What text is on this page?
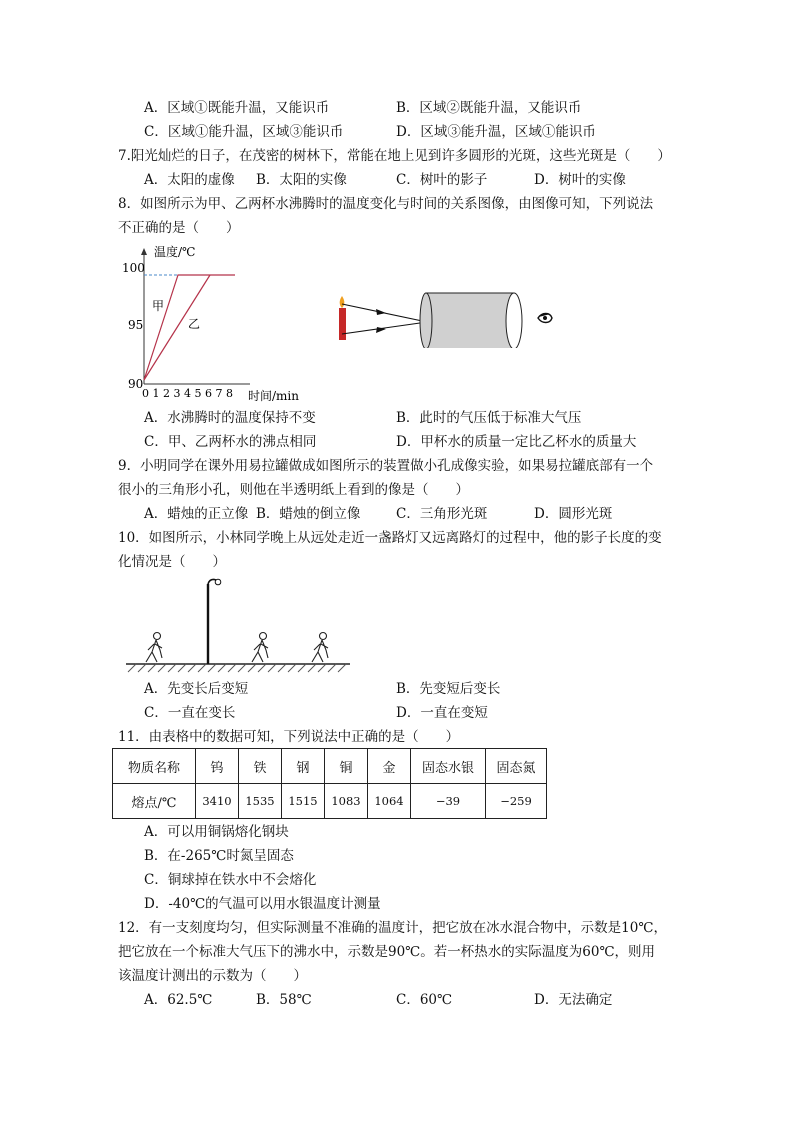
A．区域①既能升温，又能识币	B．区域②既能升温，又能识币
C．区域①能升温，区域③能识币	D．区域③能升温，区域①能识币
7.阳光灿烂的日子，在茂密的树林下，常能在地上见到许多圆形的光斑，这些光斑是（　　）
A．太阳的虚像 B．太阳的实像	C．树叶的影子	D．树叶的实像
8．如图所示为甲、乙两杯水沸腾时的温度变化与时间的关系图像，由图像可知，下列说法
不正确的是（　　）
温度/℃
100
95
90
甲
乙
0 1 2 3 4 5 6 7 8 时间/min
A．水沸腾时的温度保持不变	B．此时的气压低于标准大气压
C．甲、乙两杯水的沸点相同	D．甲杯水的质量一定比乙杯水的质量大
9．小明同学在课外用易拉罐做成如图所示的装置做小孔成像实验，如果易拉罐底部有一个
很小的三角形小孔，则他在半透明纸上看到的像是（　　）
A．蜡烛的正立像 B．蜡烛的倒立像	C．三角形光斑	D．圆形光斑
10．如图所示，小林同学晚上从远处走近一盏路灯又远离路灯的过程中，他的影子长度的变
化情况是（　　）
A．先变长后变短	B．先变短后变长
C．一直在变长	D．一直在变短
11．由表格中的数据可知，下列说法中正确的是（　　）
物质名称	钨	铁	钢	铜	金	固态水银	固态氮
熔点/℃	3410	1535	1515	1083	1064	−39	−259
A．可以用铜锅熔化钢块
B．在-265℃时氮呈固态
C．铜球掉在铁水中不会熔化
D．-40℃的气温可以用水银温度计测量
12．有一支刻度均匀，但实际测量不准确的温度计，把它放在冰水混合物中，示数是10℃，
把它放在一个标准大气压下的沸水中，示数是90℃。若一杯热水的实际温度为60℃，则用
该温度计测出的示数为（　　）
A．62.5℃	B．58℃	C．60℃	D．无法确定
